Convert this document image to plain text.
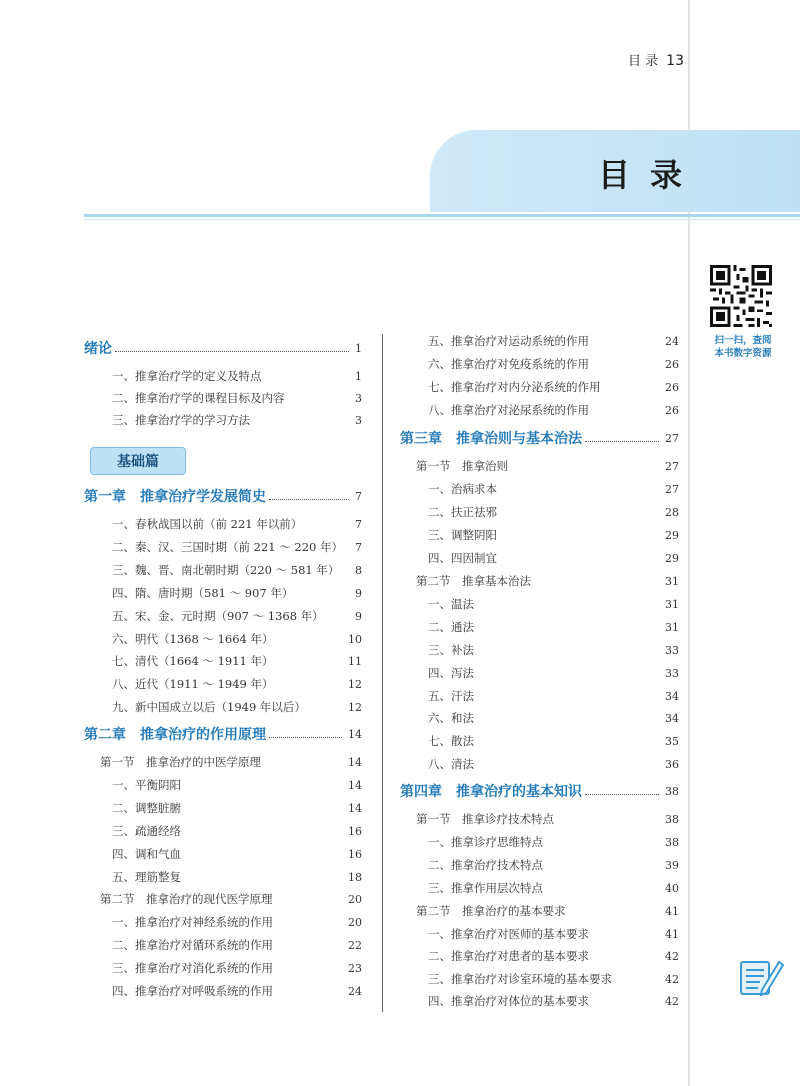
目 录 13
目录
扫一扫，查阅
本书数字资源
绪论	1
一、推拿治疗学的定义及特点	1
二、推拿治疗学的课程目标及内容	3
三、推拿治疗学的学习方法	3
第一章　推拿治疗学发展简史	7
一、春秋战国以前（前 221 年以前）	7
二、秦、汉、三国时期（前 221 ～ 220 年） 7
三、魏、晋、南北朝时期（220 ～ 581 年） 8
四、隋、唐时期（581 ～ 907 年）	9
五、宋、金、元时期（907 ～ 1368 年）	9
六、明代（1368 ～ 1664 年）	10
七、清代（1664 ～ 1911 年）	11
八、近代（1911 ～ 1949 年）	12
九、新中国成立以后（1949 年以后）	12
第二章　推拿治疗的作用原理	14
第一节　推拿治疗的中医学原理	14
一、平衡阴阳	14
二、调整脏腑	14
三、疏通经络	16
四、调和气血	16
五、理筋整复	18
第二节　推拿治疗的现代医学原理	20
一、推拿治疗对神经系统的作用	20
二、推拿治疗对循环系统的作用	22
三、推拿治疗对消化系统的作用	23
四、推拿治疗对呼吸系统的作用	24
五、推拿治疗对运动系统的作用	24
六、推拿治疗对免疫系统的作用	26
七、推拿治疗对内分泌系统的作用	26
八、推拿治疗对泌尿系统的作用	26
第三章　推拿治则与基本治法	27
第一节　推拿治则	27
一、治病求本	27
二、扶正祛邪	28
三、调整阴阳	29
四、四因制宜	29
第二节　推拿基本治法	31
一、温法	31
二、通法	31
三、补法	33
四、泻法	33
五、汗法	34
六、和法	34
七、散法	35
八、清法	36
第四章　推拿治疗的基本知识	38
第一节　推拿诊疗技术特点	38
一、推拿诊疗思维特点	38
二、推拿治疗技术特点	39
三、推拿作用层次特点	40
第二节　推拿治疗的基本要求	41
一、推拿治疗对医师的基本要求	41
二、推拿治疗对患者的基本要求	42
三、推拿治疗对诊室环境的基本要求	42
四、推拿治疗对体位的基本要求	42
基础篇
